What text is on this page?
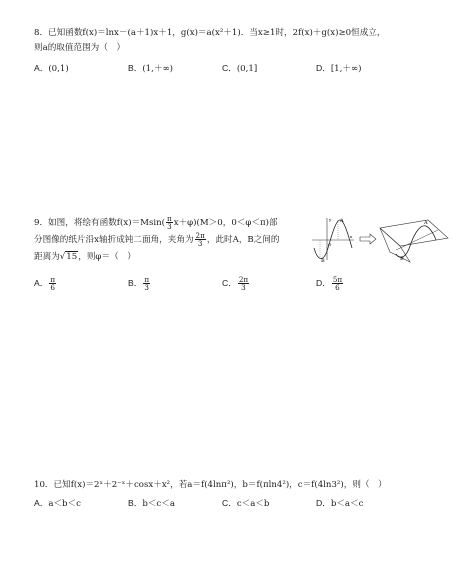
8．已知函数f(x)＝lnx－(a＋1)x＋1，g(x)＝a(x²＋1)．当x≥1时，2f(x)＋g(x)≥0恒成立，
则a的取值范围为（　）
A．(0,1)	B．(1,＋∞)	C．(0,1]	D．[1,＋∞)
9．如图，将绘有函数$f(x)=Msin( \frac{\pi}{3} x+\varphi)(M>0$，0＜φ＜π)部
分图像的纸片沿x轴折成钝二面角，夹角为 $\frac{2\pi}{3}$ ，此时A，B之间的
距离为√15，则φ＝（　）
A
B
O
x
y
A
B
A． $\frac{\pi}{6}$	B． $\frac{\pi}{3}$	C． $\frac{2\pi}{3}$	D． $\frac{5\pi}{6}$
10．已知f(x)＝2ˣ＋2⁻ˣ＋cosx＋x²，若a＝f(4lnπ²)，b＝f(πln4²)，c＝f(4ln3²)，则（　）
A．a＜b＜c	B．b＜c＜a	C．c＜a＜b	D．b＜a＜c
